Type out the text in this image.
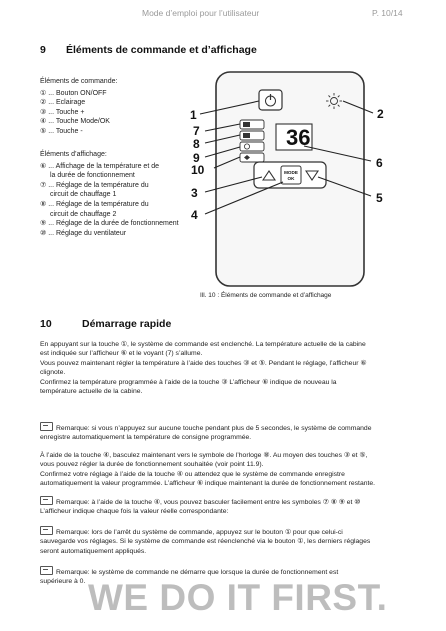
Mode d’emploi pour l’utilisateur	P. 10/14
9 Éléments de commande et d’affichage
Éléments de commande:
① ... Bouton ON/OFF
② ... Eclairage
③ ... Touche +
④ ... Touche Mode/OK
⑤ ... Touche -
Éléments d’affichage:
⑥ ... Affichage de la température et de
la durée de fonctionnement
⑦ ... Réglage de la température du
circuit de chauffage 1
⑧ ... Réglage de la température du
circuit de chauffage 2
⑨ ... Réglage de la durée de fonctionnement
⑩ ... Réglage du ventilateur
36
MODE
OK
1
7
8
9
10
3
4
2
6
5
Ill. 10 : Éléments de commande et d’affichage
10	Démarrage rapide

En appuyant sur la touche ①, le système de commande est enclenché. La température actuelle de la cabine

est indiquée sur l’afficheur ⑥ et le voyant (7) s’allume.

Vous pouvez maintenant régler la température à l’aide des touches ③ et ⑤. Pendant le réglage, l’afficheur ⑥

clignote.

Confirmez la température programmée à l’aide de la touche ③ L’afficheur ⑥ indique de nouveau la

température actuelle de la cabine.

Remarque: si vous n’appuyez sur aucune touche pendant plus de 5 secondes, le système de commande

enregistre automatiquement la température de consigne programmée.

À l’aide de la touche ④, basculez maintenant vers le symbole de l’horloge ⑧. Au moyen des touches ③ et ⑤,

vous pouvez régler la durée de fonctionnement souhaitée (voir point 11.9).

Confirmez votre réglage à l’aide de la touche ④ ou attendez que le système de commande enregistre

automatiquement la valeur programmée. L’afficheur ⑥ indique maintenant la durée de fonctionnement restante.

Remarque: à l’aide de la touche ④, vous pouvez basculer facilement entre les symboles ⑦ ⑧ ⑨ et ⑩

L’afficheur indique chaque fois la valeur réelle correspondante:

Remarque: lors de l’arrêt du système de commande, appuyez sur le bouton ① pour que celui-ci

sauvegarde vos réglages. Si le système de commande est réenclenché via le bouton ①, les derniers réglages

seront automatiquement appliqués.

Remarque: le système de commande ne démarre que lorsque la durée de fonctionnement est

supérieure à 0. WE DO IT FIRST.
